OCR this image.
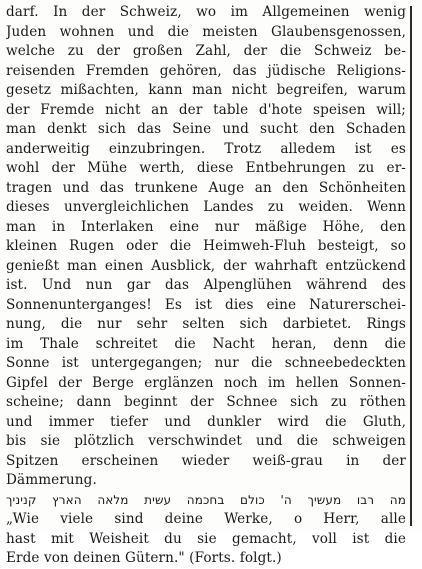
darf. In der Schweiz, wo im Allgemeinen wenig
Juden wohnen und die meisten Glaubensgenossen,
welche zu der großen Zahl, der die Schweiz be-
reisenden Fremden gehören, das jüdische Religions-
gesetz mißachten, kann man nicht begreifen, warum
der Fremde nicht an der table d'hote speisen will;
man denkt sich das Seine und sucht den Schaden
anderweitig einzubringen. Trotz alledem ist es
wohl der Mühe werth, diese Entbehrungen zu er-
tragen und das trunkene Auge an den Schönheiten
dieses unvergleichlichen Landes zu weiden. Wenn
man in Interlaken eine nur mäßige Höhe, den
kleinen Rugen oder die Heimweh-Fluh besteigt, so
genießt man einen Ausblick, der wahrhaft entzückend
ist. Und nun gar das Alpenglühen während des
Sonnenunterganges! Es ist dies eine Naturerschei-
nung, die nur sehr selten sich darbietet. Rings
im Thale schreitet die Nacht heran, denn die
Sonne ist untergegangen; nur die schneebedeckten
Gipfel der Berge erglänzen noch im hellen Sonnen-
scheine; dann beginnt der Schnee sich zu röthen
und immer tiefer und dunkler wird die Gluth,
bis sie plötzlich verschwindet und die schweigen
Spitzen erscheinen wieder weiß-grau in der
Dämmerung.
מה רבו מעשיך ה' כולם בחכמה עשית מלאה הארץ קניניך
„Wie viele sind deine Werke, o Herr, alle
hast mit Weisheit du sie gemacht, voll ist die
Erde von deinen Gütern." (Forts. folgt.)
